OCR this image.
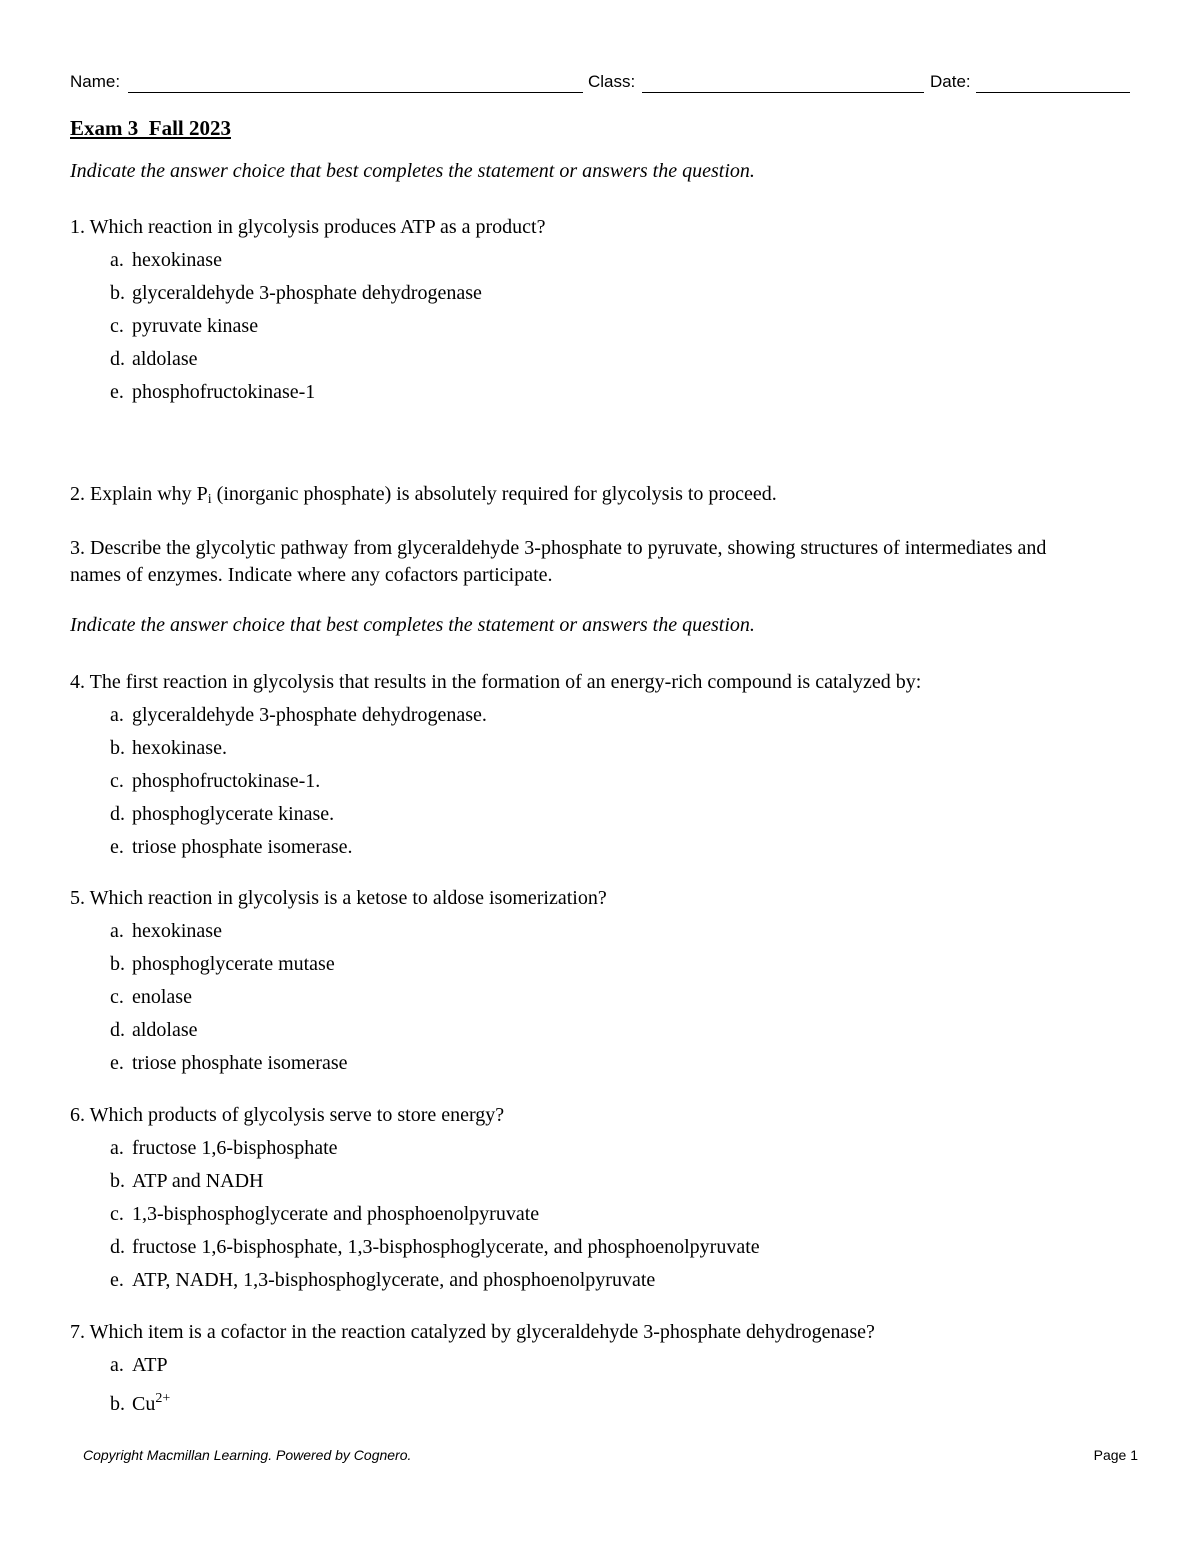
Name:	Class:	Date:
Exam 3  Fall 2023
Indicate the answer choice that best completes the statement or answers the question.

1. Which reaction in glycolysis produces ATP as a product?

a. hexokinase
b. glyceraldehyde 3-phosphate dehydrogenase
c. pyruvate kinase
d. aldolase
e. phosphofructokinase-1

2. Explain why Pi (inorganic phosphate) is absolutely required for glycolysis to proceed.

3. Describe the glycolytic pathway from glyceraldehyde 3-phosphate to pyruvate, showing structures of intermediates and names of enzymes. Indicate where any cofactors participate.

Indicate the answer choice that best completes the statement or answers the question.

4. The first reaction in glycolysis that results in the formation of an energy-rich compound is catalyzed by:

a. glyceraldehyde 3-phosphate dehydrogenase.
b. hexokinase.
c. phosphofructokinase-1.
d. phosphoglycerate kinase.
e. triose phosphate isomerase.

5. Which reaction in glycolysis is a ketose to aldose isomerization?

a. hexokinase
b. phosphoglycerate mutase
c. enolase
d. aldolase
e. triose phosphate isomerase

6. Which products of glycolysis serve to store energy?

a. fructose 1,6-bisphosphate
b. ATP and NADH
c. 1,3-bisphosphoglycerate and phosphoenolpyruvate
d. fructose 1,6-bisphosphate, 1,3-bisphosphoglycerate, and phosphoenolpyruvate
e. ATP, NADH, 1,3-bisphosphoglycerate, and phosphoenolpyruvate

7. Which item is a cofactor in the reaction catalyzed by glyceraldehyde 3-phosphate dehydrogenase?

a. ATP
b. $Cu^{2+}$
Copyright Macmillan Learning. Powered by Cognero.	Page 1
